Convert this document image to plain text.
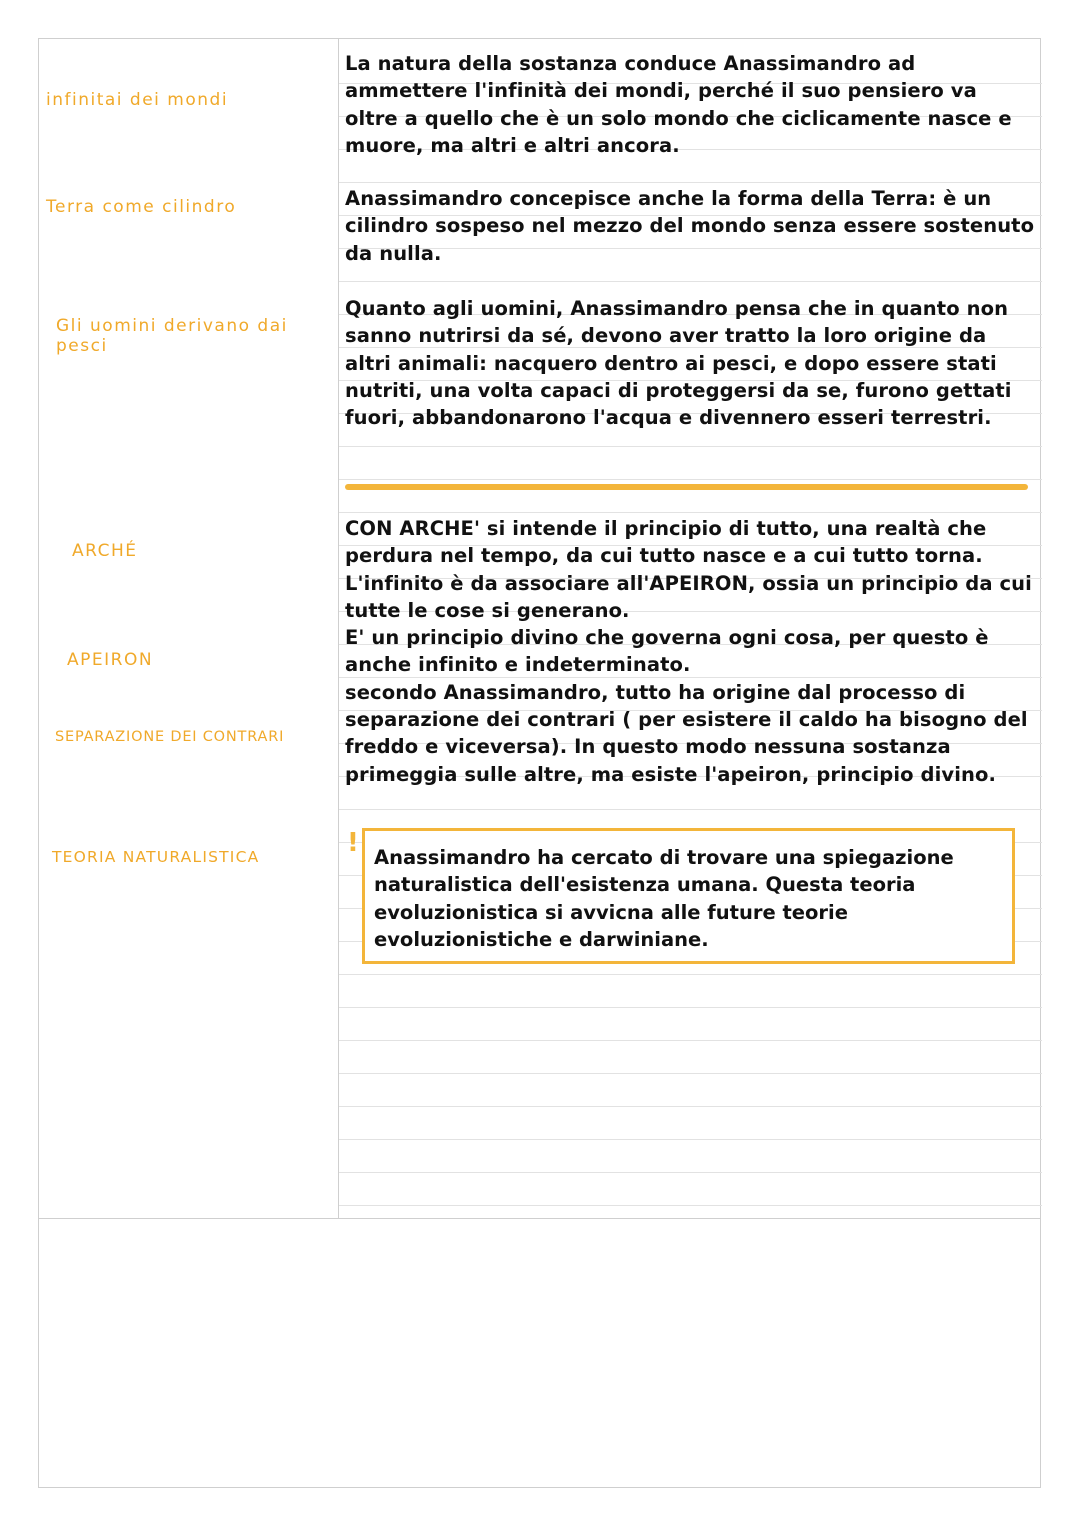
infinitai dei mondi
Terra come cilindro
Gli uomini derivano dai pesci
ARCHÉ
APEIRON
SEPARAZIONE DEI CONTRARI
TEORIA NATURALISTICA

La natura della sostanza conduce Anassimandro ad ammettere l'infinità dei mondi, perché il suo pensiero va oltre a quello che è un solo mondo che ciclicamente nasce e muore, ma altri e altri ancora.

Anassimandro concepisce anche la forma della Terra: è un cilindro sospeso nel mezzo del mondo senza essere sostenuto da nulla.

Quanto agli uomini, Anassimandro pensa che in quanto non sanno nutrirsi da sé, devono aver tratto la loro origine da altri animali: nacquero dentro ai pesci, e dopo essere stati nutriti, una volta capaci di proteggersi da se, furono gettati fuori, abbandonarono l'acqua e divennero esseri terrestri.

CON ARCHE' si intende il principio di tutto, una realtà che perdura nel tempo, da cui tutto nasce e a cui tutto torna.

L'infinito è da associare all'APEIRON, ossia un principio da cui tutte le cose si generano.

E' un principio divino che governa ogni cosa, per questo è anche infinito e indeterminato.

secondo Anassimandro, tutto ha origine dal processo di separazione dei contrari ( per esistere il caldo ha bisogno del freddo e viceversa). In questo modo nessuna sostanza primeggia sulle altre, ma esiste l'apeiron, principio divino.

! Anassimandro ha cercato di trovare una spiegazione naturalistica dell'esistenza umana. Questa teoria evoluzionistica si avvicna alle future teorie evoluzionistiche e darwiniane.
